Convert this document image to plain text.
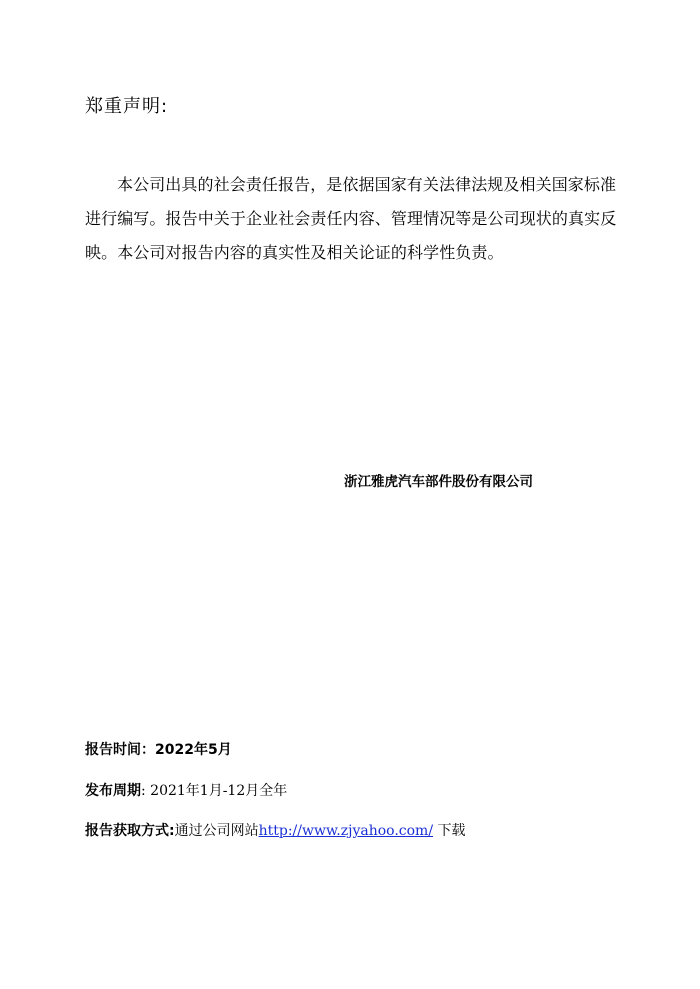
郑重声明:
本公司出具的社会责任报告，是依据国家有关法律法规及相关国家标准进行编写。报告中关于企业社会责任内容、管理情况等是公司现状的真实反映。本公司对报告内容的真实性及相关论证的科学性负责。
浙江雅虎汽车部件股份有限公司
报告时间：2022年5月
发布周期: 2021年1月-12月全年
报告获取方式:通过公司网站http://www.zjyahoo.com/ 下载
